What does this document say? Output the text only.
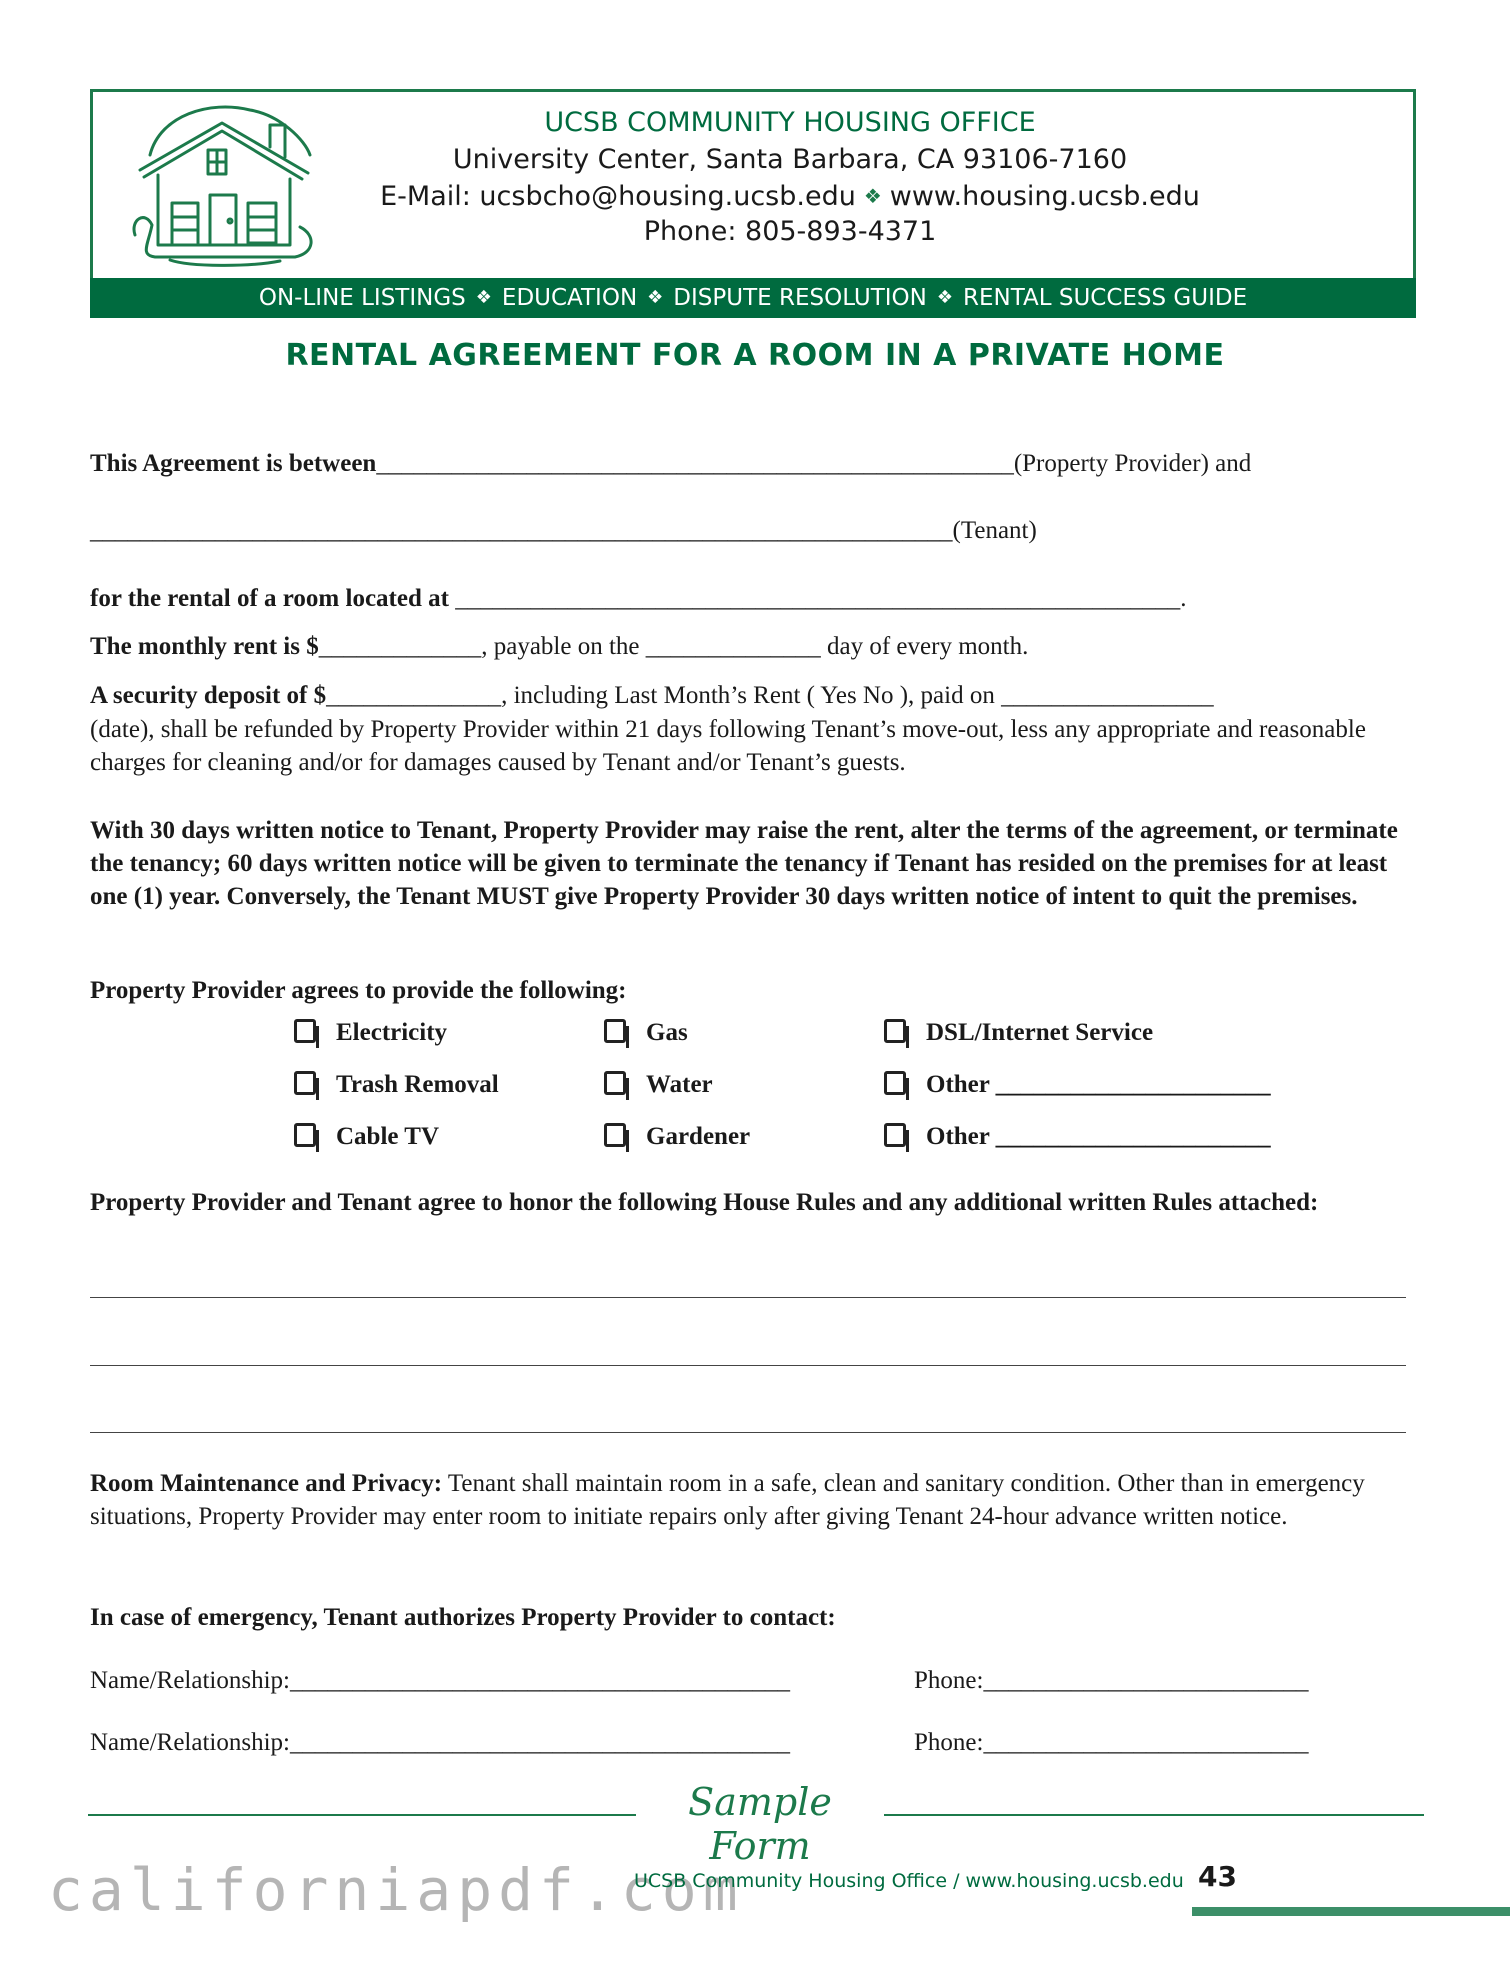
UCSB COMMUNITY HOUSING OFFICE
University Center, Santa Barbara, CA 93106-7160
E-Mail: ucsbcho@housing.ucsb.edu ❖ www.housing.ucsb.edu
Phone: 805-893-4371
ON-LINE LISTINGS ❖ EDUCATION ❖ DISPUTE RESOLUTION ❖ RENTAL SUCCESS GUIDE
RENTAL AGREEMENT FOR A ROOM IN A PRIVATE HOME
This Agreement is between___________________________________________________(Property Provider) and
_____________________________________________________________________(Tenant)
for the rental of a room located at __________________________________________________________.
The monthly rent is $_____________, payable on the ______________ day of every month.
A security deposit of $______________, including Last Month’s Rent ( Yes No ), paid on _________________
(date), shall be refunded by Property Provider within 21 days following Tenant’s move-out, less any appropriate and reasonable charges for cleaning and/or for damages caused by Tenant and/or Tenant’s guests.
With 30 days written notice to Tenant, Property Provider may raise the rent, alter the terms of the agreement, or terminate the tenancy; 60 days written notice will be given to terminate the tenancy if Tenant has resided on the premises for at least one (1) year. Conversely, the Tenant MUST give Property Provider 30 days written notice of intent to quit the premises.
Property Provider agrees to provide the following:
Electricity
Trash Removal
Cable TV
Gas
Water
Gardener
DSL/Internet Service
Other ______________________
Other ______________________
Property Provider and Tenant agree to honor the following House Rules and any additional written Rules attached:
Room Maintenance and Privacy: Tenant shall maintain room in a safe, clean and sanitary condition. Other than in emergency situations, Property Provider may enter room to initiate repairs only after giving Tenant 24-hour advance written notice.
In case of emergency, Tenant authorizes Property Provider to contact:
Name/Relationship:________________________________________	Phone:__________________________
Name/Relationship:________________________________________	Phone:__________________________
Sample Form
californiapdf.com
UCSB Community Housing Office / www.housing.ucsb.edu 43
